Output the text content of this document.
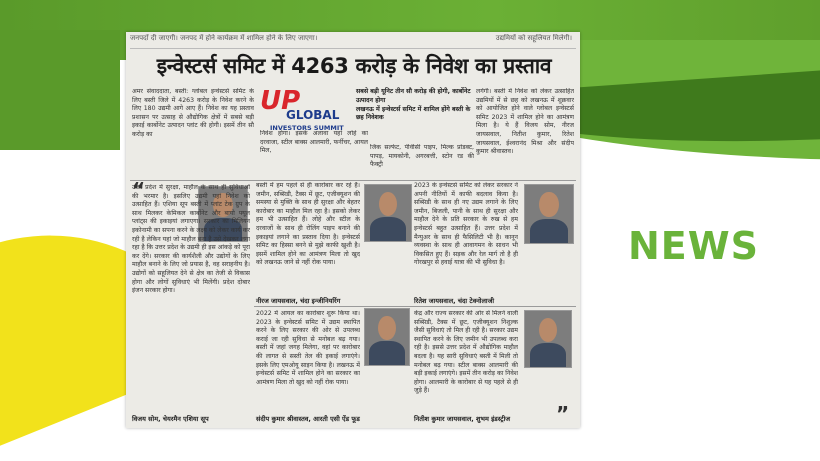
NEWS
जनपदों दी जाएगी। जनपद में होने कार्यक्रम में शामिल होने के लिए जाएगा।	उद्यमियों को सहूलियत मिलेगी।
इन्वेस्टर्स समिट में 4263 करोड़ के निवेश का प्रस्ताव
अमर संवाददाता, बस्ती: ग्लोबल इन्वेस्टर्स समिट के लिए बस्ती जिले में 4263 करोड़ के निवेश करने के लिए 180 उद्यमी आगे आए हैं। निवेश का यह प्रस्ताव प्रशासन पर उत्साह से औद्योगिक क्षेत्रों में सबसे बड़ी इकाई कार्बोनेट उत्पादन प्लांट की होगी। इसमें तीन सौ करोड़ का
UP
GLOBAL
INVESTORS SUMMIT
सबसे बड़ी यूनिट तीन सौ करोड़ की होगी, कार्बोनेट उत्पादन होगा
लखनऊ में इन्वेस्टर्स समिट में शामिल होंगे बस्ती के छह निवेशक
लगेंगी। बस्ती में निवेश को लेकर उत्साहित उद्यमियों में से छह को लखनऊ में शुक्रवार को आयोजित होने वाले ग्लोबल इन्वेस्टर्स समिट 2023 में शामिल होने का आमंत्रण मिला है। ये हैं विजय सोम, नीरज जायसवाल, नितीश कुमार, रितेश जायसवाल, ईश्वरानंद मिश्रा और संदीप कुमार श्रीवास्तव।
निवेश होगा। इसके अलावा यहां लोहे का दरवाजा, स्टील बाक्स आलमारी, फर्नीचर, आयल मिल,	जिंक सल्फेट, पीवीसी पाइप, मिल्क प्रोडक्ट, पापड़, मायकोनी, अगरबत्ती, स्टोन रड की फैक्ट्री
“
उत्तर प्रदेश में सुरक्षा, माहौल के साथ ही सुविधाओं की भरमार है। इसलिए उद्यमी यहां निवेश को उत्साहित हैं। एशिया सूप बस्ती में प्लांट टेक ग्रुप के साथ मिलकर केमिकल कार्बोनेट और बायो फ्यूल प्लांट्स की इकाइयां लगाएगा। सरकार का मिलियन इकोनामी का सपना करने के लक्ष्य को लेकर कार्य कर रही है लेकिन यहां जो माहौल बना है उसे देखकर लगा रहा है कि उत्तर प्रदेश के उद्यमी ही इस आंकड़े को पूरा कर देंगे। सरकार की कार्यशैली और उद्योगों के लिए माहौल बनाने के लिए जो प्रयास है, वह सराहनीय है। उद्योगों को सहूलियत देने से क्षेत्र का तेजी से विकास होगा और लोगों सुविधाएं भी मिलेंगी। प्रदेश दोबार इंजन सरकार होगा।
विजय सोम, चेयरमैन एशिया सूप
बस्ती में हम पहले से ही कारोबार कर रहे हैं। जमीन, सब्सिडी, टैक्स में छूट, एजीक्यूशन की समस्या से मुक्ति के साथ ही सुरक्षा और बेहतर कारोबार का माहौल मिल रहा है। इसको लेकर हम भी उत्साहित हैं। लोहे और स्टील के दरवाजों के साथ ही रोलिंग पाइप बनाने की इकाइयां लगाने का प्रस्ताव दिया है। इन्वेस्टर्स समिट का हिस्सा बनने से मुझे काफी खुशी है। इसमें शामिल होने का आमंत्रण मिला तो खुद को लखनऊ जाने से नहीं रोक पाया।
नीरज जायसवाल, चंदा इन्जीनियरिंग
2023 के इन्वेस्टर्स समिट को लेकर सरकार ने अपनी नीतियों में काफी बदलाव किया है। सब्सिडी के साथ ही नए उद्यम लगाने के लिए जमीन, बिजली, पानी के साथ ही सुरक्षा और माहौल देने के प्रति सरकार के रुख से हम इन्वेस्टर्स बहुत उत्साहित हैं। उत्तर प्रदेश में मैन्युअर के साथ ही फैसिलिटी भी है। कानून व्यवस्था के साथ ही आवागमन के साधन भी विकसित हुए हैं। सड़क और रेल मार्ग तो है ही गोरखपुर से हवाई यात्रा की भी सुविधा है।
रितेश जायसवाल, चंदा टेक्नोलाजी
2022 में आयल का कारोबार शुरू किया था। 2023 के इन्वेस्टर्स समिट में उद्यम स्थापित करने के लिए सरकार की ओर से उपलब्ध कराई जा रही सुविधा से मनोबल बढ़ गया। बस्ती में जहां जगह मिलेगा, वहां पर कारोबार की लागत से सस्ती तेल की इकाई लगाएंगे। इसके लिए एमओयू साइन किया है। लखनऊ में इन्वेस्टर्स समिट में शामिल होने का सरकार का आमंत्रण मिला तो खुद को नहीं रोक पाया।
संदीप कुमार श्रीवास्तव, आरती एसी ऐंड फूड
केंद्र और राज्य सरकार की ओर से मिलने वाली सब्सिडी, टैक्स में छूट, एजीक्यूशन निशुल्क जैसी सुविधाएं तो मिल ही रही है। सरकार उद्यम स्थापित करने के लिए जमीन भी उपलब्ध करा रही है। इससे उत्तर प्रदेश में औद्योगिक माहौल बदला है। यह सारी सुविधाएं बस्ती में मिली तो मनोबल बढ़ गया। स्टील बाक्स आलमारी की बड़ी इकाई लगाएंगे। इसमें तीन करोड़ का निवेश होगा। आलमारी के कारोबार से यह पहले से ही जुड़े हैं।
नितीश कुमार जायसवाल, शुभम इंडस्ट्रीज ”
